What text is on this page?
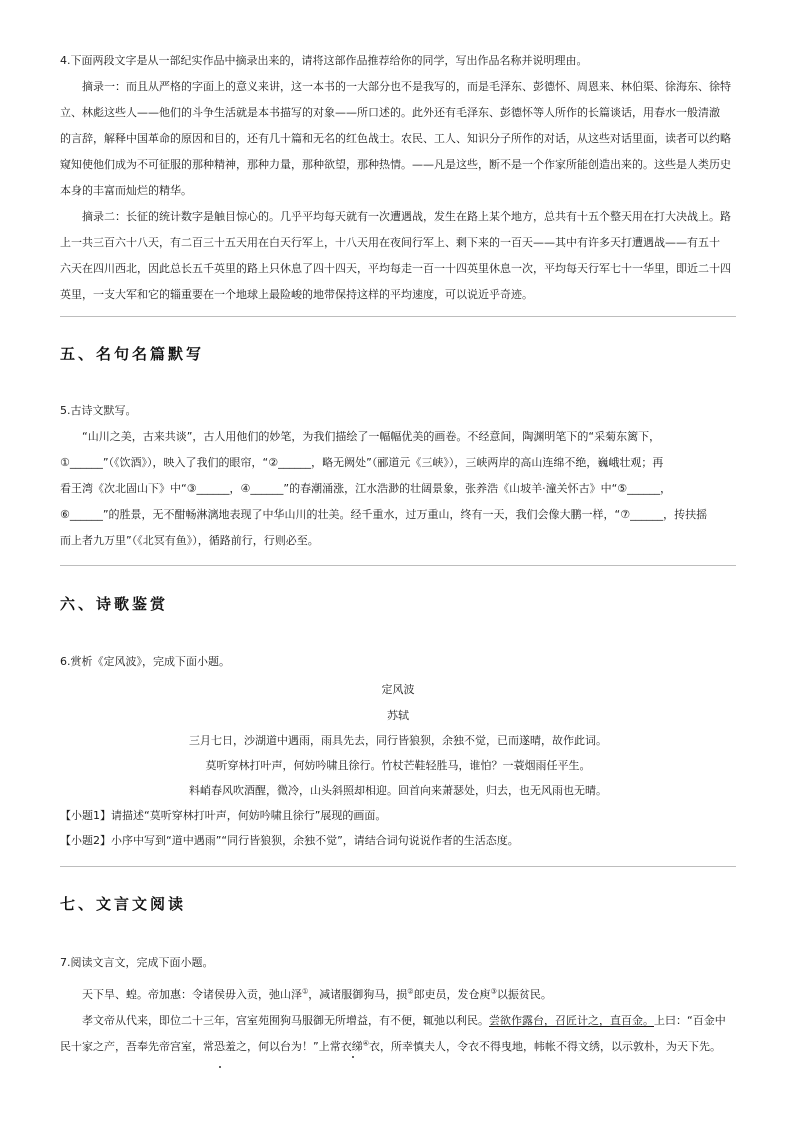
4.下面两段文字是从一部纪实作品中摘录出来的，请将这部作品推荐给你的同学，写出作品名称并说明理由。
摘录一：而且从严格的字面上的意义来讲，这一本书的一大部分也不是我写的，而是毛泽东、彭德怀、周恩来、林伯渠、徐海东、徐特
立、林彪这些人——他们的斗争生活就是本书描写的对象——所口述的。此外还有毛泽东、彭德怀等人所作的长篇谈话，用春水一般清澈
的言辞，解释中国革命的原因和目的，还有几十篇和无名的红色战士。农民、工人、知识分子所作的对话，从这些对话里面，读者可以约略
窥知使他们成为不可征服的那种精神，那种力量，那种欲望，那种热情。——凡是这些，断不是一个作家所能创造出来的。这些是人类历史
本身的丰富而灿烂的精华。
摘录二：长征的统计数字是触目惊心的。几乎平均每天就有一次遭遇战，发生在路上某个地方，总共有十五个整天用在打大决战上。路
上一共三百六十八天，有二百三十五天用在白天行军上，十八天用在夜间行军上、剩下来的一百天——其中有许多天打遭遇战——有五十
六天在四川西北，因此总长五千英里的路上只休息了四十四天，平均每走一百一十四英里休息一次，平均每天行军七十一华里，即近二十四
英里，一支大军和它的辎重要在一个地球上最险峻的地带保持这样的平均速度，可以说近乎奇迹。
五、名句名篇默写
5.古诗文默写。
“山川之美，古来共谈”，古人用他们的妙笔，为我们描绘了一幅幅优美的画卷。不经意间，陶渊明笔下的“采菊东篱下，
①______”（《饮酒》），映入了我们的眼帘，“②______，略无阙处”（郦道元《三峡》），三峡两岸的高山连绵不绝，巍峨壮观；再
看王湾《次北固山下》中“③______，④______”的春潮涌涨，江水浩渺的壮阔景象，张养浩《山坡羊·潼关怀古》中“⑤______，
⑥______”的胜景，无不酣畅淋漓地表现了中华山川的壮美。经千重水，过万重山，终有一天，我们会像大鹏一样，“⑦______，抟扶摇
而上者九万里”（《北冥有鱼》），循路前行，行则必至。
六、诗歌鉴赏
6.赏析《定风波》，完成下面小题。
定风波
苏轼
三月七日，沙湖道中遇雨，雨具先去，同行皆狼狈，余独不觉，已而遂晴，故作此词。
莫听穿林打叶声，何妨吟啸且徐行。竹杖芒鞋轻胜马，谁怕？一蓑烟雨任平生。
料峭春风吹酒醒，微冷，山头斜照却相迎。回首向来萧瑟处，归去，也无风雨也无晴。
【小题1】请描述“莫听穿林打叶声，何妨吟啸且徐行”展现的画面。
【小题2】小序中写到“道中遇雨”“同行皆狼狈，余独不觉”，请结合词句说说作者的生活态度。
七、文言文阅读
7.阅读文言文，完成下面小题。
天下旱、蝗。帝加惠：令诸侯毋入贡，弛山泽①，减诸服御狗马，损②郎吏员，发仓庾③以振贫民。
孝文帝从代来，即位二十三年，宫室苑囿狗马服御无所增益，有不便，辄弛以利民。尝欲作露台，召匠计之，直百金。上曰：“百金中
民十家之产，吾奉先帝宫室，常恐羞之，何以台为！”上常衣绨④衣，所幸慎夫人，令衣不得曳地，帏帐不得文绣，以示敦朴，为天下先。
